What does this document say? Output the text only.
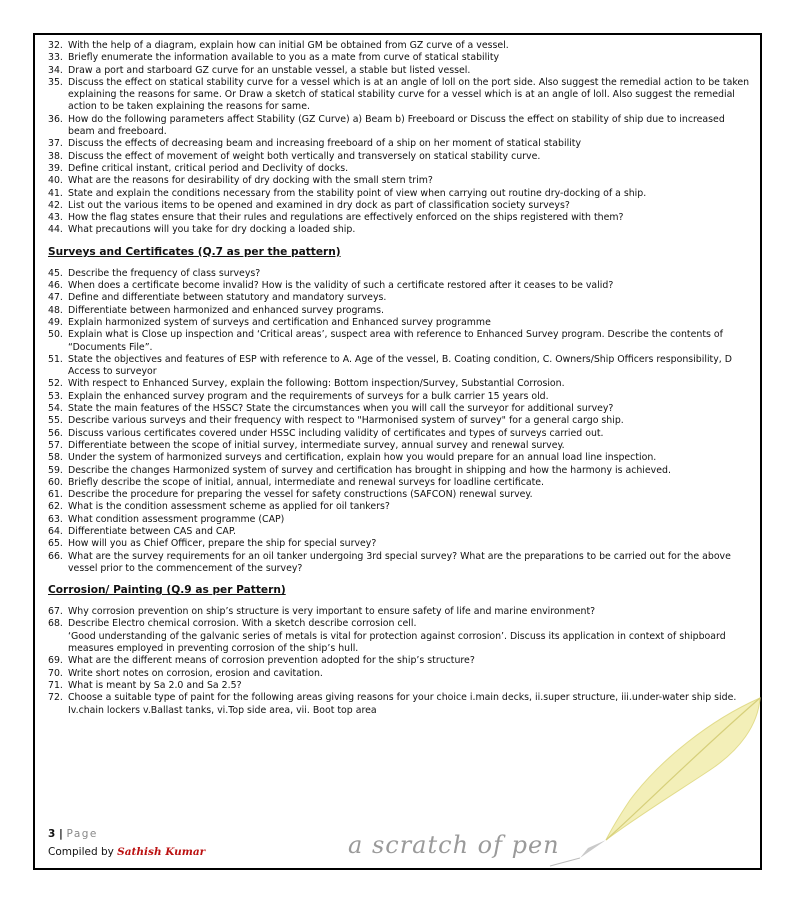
32. With the help of a diagram, explain how can initial GM be obtained from GZ curve of a vessel.
33. Briefly enumerate the information available to you as a mate from curve of statical stability
34. Draw a port and starboard GZ curve for an unstable vessel, a stable but listed vessel.
35. Discuss the effect on statical stability curve for a vessel which is at an angle of loll on the port side. Also suggest the remedial action to be taken explaining the reasons for same. Or Draw a sketch of statical stability curve for a vessel which is at an angle of loll. Also suggest the remedial action to be taken explaining the reasons for same.
36. How do the following parameters affect Stability (GZ Curve) a) Beam b) Freeboard or Discuss the effect on stability of ship due to increased beam and freeboard.
37. Discuss the effects of decreasing beam and increasing freeboard of a ship on her moment of statical stability
38. Discuss the effect of movement of weight both vertically and transversely on statical stability curve.
39. Define critical instant, critical period and Declivity of docks.
40. What are the reasons for desirability of dry docking with the small stern trim?
41. State and explain the conditions necessary from the stability point of view when carrying out routine dry-docking of a ship.
42. List out the various items to be opened and examined in dry dock as part of classification society surveys?
43. How the flag states ensure that their rules and regulations are effectively enforced on the ships registered with them?
44. What precautions will you take for dry docking a loaded ship.
Surveys and Certificates (Q.7 as per the pattern)
45. Describe the frequency of class surveys?
46. When does a certificate become invalid? How is the validity of such a certificate restored after it ceases to be valid?
47. Define and differentiate between statutory and mandatory surveys.
48. Differentiate between harmonized and enhanced survey programs.
49. Explain harmonized system of surveys and certification and Enhanced survey programme
50. Explain what is Close up inspection and ‘Critical areas’, suspect area with reference to Enhanced Survey program. Describe the contents of “Documents File”.
51. State the objectives and features of ESP with reference to A. Age of the vessel, B. Coating condition, C. Owners/Ship Officers responsibility, D Access to surveyor
52. With respect to Enhanced Survey, explain the following: Bottom inspection/Survey, Substantial Corrosion.
53. Explain the enhanced survey program and the requirements of surveys for a bulk carrier 15 years old.
54. State the main features of the HSSC? State the circumstances when you will call the surveyor for additional survey?
55. Describe various surveys and their frequency with respect to "Harmonised system of survey" for a general cargo ship.
56. Discuss various certificates covered under HSSC including validity of certificates and types of surveys carried out.
57. Differentiate between the scope of initial survey, intermediate survey, annual survey and renewal survey.
58. Under the system of harmonized surveys and certification, explain how you would prepare for an annual load line inspection.
59. Describe the changes Harmonized system of survey and certification has brought in shipping and how the harmony is achieved.
60. Briefly describe the scope of initial, annual, intermediate and renewal surveys for loadline certificate.
61. Describe the procedure for preparing the vessel for safety constructions (SAFCON) renewal survey.
62. What is the condition assessment scheme as applied for oil tankers?
63. What condition assessment programme (CAP)
64. Differentiate between CAS and CAP.
65. How will you as Chief Officer, prepare the ship for special survey?
66. What are the survey requirements for an oil tanker undergoing 3rd special survey? What are the preparations to be carried out for the above vessel prior to the commencement of the survey?
Corrosion/ Painting (Q.9 as per Pattern)
67. Why corrosion prevention on ship’s structure is very important to ensure safety of life and marine environment?
68. Describe Electro chemical corrosion. With a sketch describe corrosion cell.
‘Good understanding of the galvanic series of metals is vital for protection against corrosion’. Discuss its application in context of shipboard measures employed in preventing corrosion of the ship’s hull.
69. What are the different means of corrosion prevention adopted for the ship’s structure?
70. Write short notes on corrosion, erosion and cavitation.
71. What is meant by Sa 2.0 and Sa 2.5?
72. Choose a suitable type of paint for the following areas giving reasons for your choice i.main decks, ii.super structure, iii.under-water ship side. Iv.chain lockers v.Ballast tanks, vi.Top side area, vii. Boot top area
3 | Page
Compiled by Sathish Kumar	a scratch of pen
